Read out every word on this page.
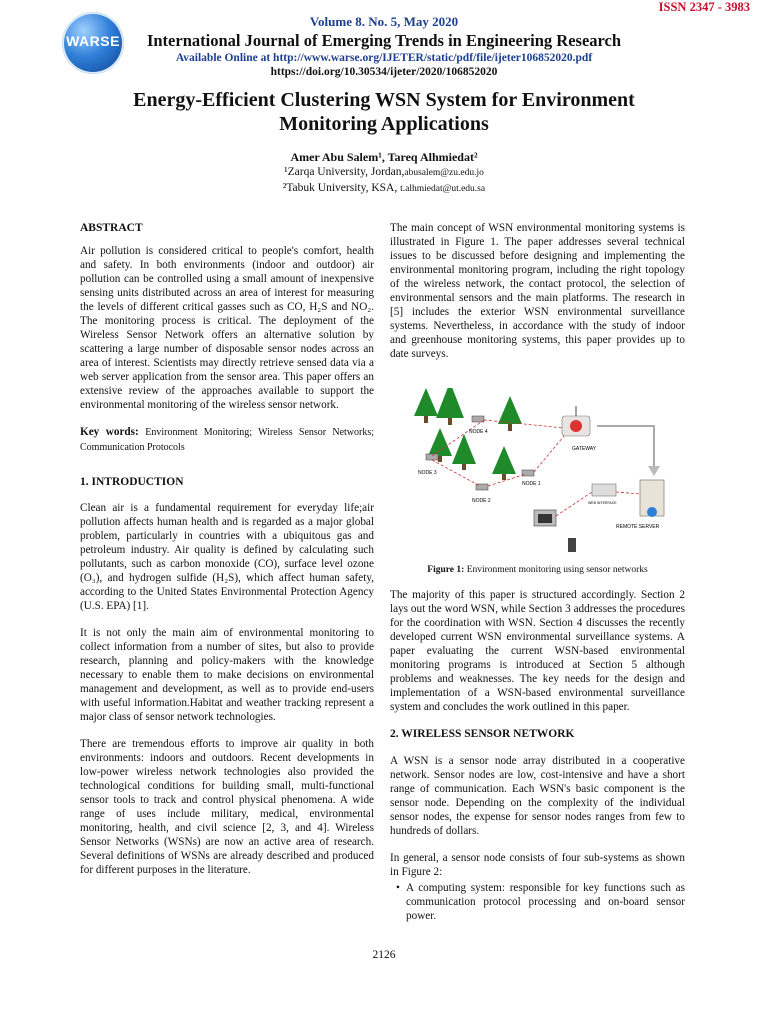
ISSN 2347 - 3983
WARSE
Volume 8. No. 5, May 2020
International Journal of Emerging Trends in Engineering Research
Available Online at http://www.warse.org/IJETER/static/pdf/file/ijeter106852020.pdf
https://doi.org/10.30534/ijeter/2020/106852020
Energy-Efficient Clustering WSN System for Environment Monitoring Applications
Amer Abu Salem¹, Tareq Alhmiedat²
¹Zarqa University, Jordan,abusalem@zu.edu.jo
²Tabuk University, KSA, t.alhmiedat@ut.edu.sa
ABSTRACT

Air pollution is considered critical to people's comfort, health and safety. In both environments (indoor and outdoor) air pollution can be controlled using a small amount of inexpensive sensing units distributed across an area of interest for measuring the levels of different critical gasses such as CO, H₂S and NO₂. The monitoring process is critical. The deployment of the Wireless Sensor Network offers an alternative solution by scattering a large number of disposable sensor nodes across an area of interest. Scientists may directly retrieve sensed data via a web server application from the sensor area. This paper offers an extensive review of the approaches available to support the environmental monitoring of the wireless sensor network.

Key words: Environment Monitoring; Wireless Sensor Networks; Communication Protocols

1. INTRODUCTION

Clean air is a fundamental requirement for everyday life;air pollution affects human health and is regarded as a major global problem, particularly in countries with a ubiquitous gas and petroleum industry. Air quality is defined by calculating such pollutants, such as carbon monoxide (CO), surface level ozone (O₃), and hydrogen sulfide (H₂S), which affect human safety, according to the United States Environmental Protection Agency (U.S. EPA) [1].

It is not only the main aim of environmental monitoring to collect information from a number of sites, but also to provide research, planning and policy-makers with the knowledge necessary to enable them to make decisions on environmental management and development, as well as to provide end-users with useful information.Habitat and weather tracking represent a major class of sensor network technologies.

There are tremendous efforts to improve air quality in both environments: indoors and outdoors. Recent developments in low-power wireless network technologies also provided the technological conditions for building small, multi-functional sensor tools to track and control physical phenomena. A wide range of uses include military, medical, environmental monitoring, health, and civil science [2, 3, and 4]. Wireless Sensor Networks (WSNs) are now an active area of research. Several definitions of WSNs are already described and produced for different purposes in the literature.

The main concept of WSN environmental monitoring systems is illustrated in Figure 1. The paper addresses several technical issues to be discussed before designing and implementing the environmental monitoring program, including the right topology of the wireless network, the contact protocol, the selection of environmental sensors and the main platforms. The research in [5] includes the exterior WSN environmental surveillance systems. Nevertheless, in accordance with the study of indoor and greenhouse monitoring systems, this paper provides up to date surveys.

NODE 4
NODE 3
NODE 2
NODE 1
GATEWAY
WEB INTERFACE
REMOTE SERVER
Figure 1: Environment monitoring using sensor networks

The majority of this paper is structured accordingly. Section 2 lays out the word WSN, while Section 3 addresses the procedures for the coordination with WSN. Section 4 discusses the recently developed current WSN environmental surveillance systems. A paper evaluating the current WSN-based environmental monitoring programs is introduced at Section 5 although problems and weaknesses. The key needs for the design and implementation of a WSN-based environmental surveillance system and concludes the work outlined in this paper.

2. WIRELESS SENSOR NETWORK

A WSN is a sensor node array distributed in a cooperative network. Sensor nodes are low, cost-intensive and have a short range of communication. Each WSN's basic component is the sensor node. Depending on the complexity of the individual sensor nodes, the expense for sensor nodes ranges from few to hundreds of dollars.

In general, a sensor node consists of four sub-systems as shown in Figure 2:

• A computing system: responsible for key functions such as communication protocol processing and on-board sensor power.
2126
